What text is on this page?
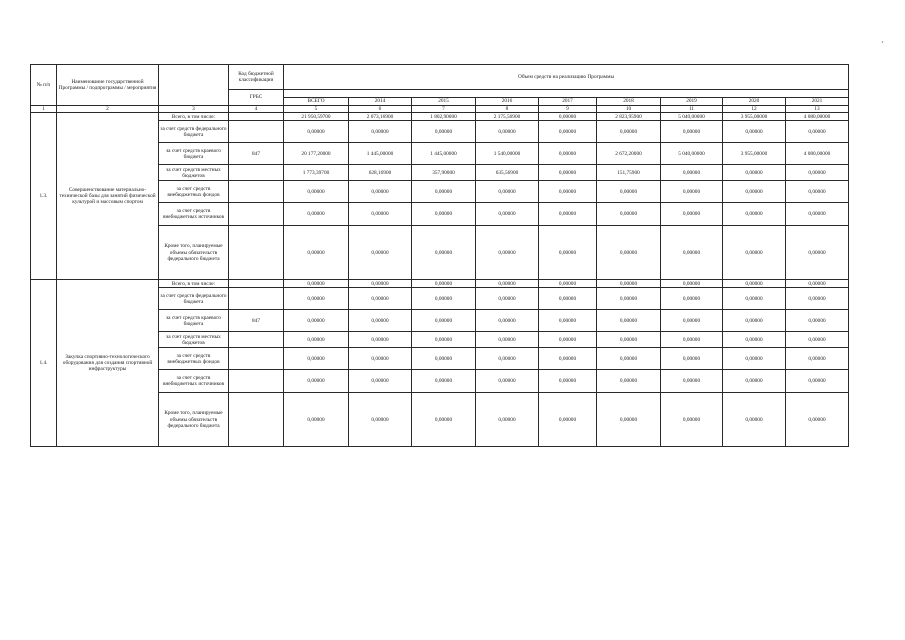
№ п/п	Наименование государственной Программы / подпрограммы / мероприятия		Код бюджетной классификации	Объем средств на реализацию Программы								
			ГРБС									
				ВСЕГО	2014	2015	2016	2017	2018	2019	2020	2021
1	2	3	4	5	6	7	8	9	10	11	12	13
1.3.	Совершенствование материально-технической базы для занятий физической культурой и массовым спортом	Всего, в том числе:		21 950,59700	2 073,16900	1 802,90000	2 175,56900	0,00000	2 823,95900	5 040,00000	3 955,00000	4 080,00000
		за счет средств федерального бюджета		0,00000	0,00000	0,00000	0,00000	0,00000	0,00000	0,00000	0,00000	0,00000
		за счет средств краевого бюджета	847	20 177,20000	1 445,00000	1 445,00000	1 540,00000	0,00000	2 672,20000	5 040,00000	3 955,00000	4 080,00000
		за счет средств местных бюджетов		1 773,39700	628,16900	357,90000	635,56900	0,00000	151,75900	0,00000	0,00000	0,00000
		за счет средств внебюджетных фондов		0,00000	0,00000	0,00000	0,00000	0,00000	0,00000	0,00000	0,00000	0,00000
		за счет средств внебюджетных источников		0,00000	0,00000	0,00000	0,00000	0,00000	0,00000	0,00000	0,00000	0,00000
		Кроме того, планируемые объемы обязательств федерального бюджета		0,00000	0,00000	0,00000	0,00000	0,00000	0,00000	0,00000	0,00000	0,00000
1.4.	Закупка спортивно-технологического оборудования для создания спортивной инфраструктуры	Всего, в том числе:		0,00000	0,00000	0,00000	0,00000	0,00000	0,00000	0,00000	0,00000	0,00000
		за счет средств федерального бюджета		0,00000	0,00000	0,00000	0,00000	0,00000	0,00000	0,00000	0,00000	0,00000
		за счет средств краевого бюджета	847	0,00000	0,00000	0,00000	0,00000	0,00000	0,00000	0,00000	0,00000	0,00000
		за счет средств местных бюджетов		0,00000	0,00000	0,00000	0,00000	0,00000	0,00000	0,00000	0,00000	0,00000
		за счет средств внебюджетных фондов		0,00000	0,00000	0,00000	0,00000	0,00000	0,00000	0,00000	0,00000	0,00000
		за счет средств внебюджетных источников		0,00000	0,00000	0,00000	0,00000	0,00000	0,00000	0,00000	0,00000	0,00000
		Кроме того, планируемые объемы обязательств федерального бюджета		0,00000	0,00000	0,00000	0,00000	0,00000	0,00000	0,00000	0,00000	0,00000
